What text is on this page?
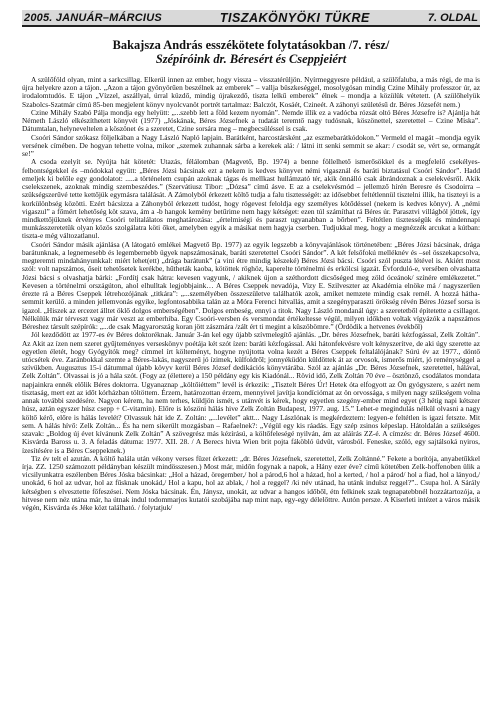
2005. JANUÁR–MÁRCIUS	TISZAKÖNYÖKI TÜKRE	7. OLDAL

Bakajsza András esszékötete folytatásokban /7. rész/

Szépíróink dr. Béresért és Cseppjeiért

A szülőföld olyan, mint a sarkcsillag. Elkerül innen az ember, hogy vissza – visszatérüljön. Nyírmeggyesre például, a szülőfaluba, a más régi, de ma is újra helyekre azon a tájon. „Azon a tájon gyönyörűen beszélnek az emberek” – vallja büszkeséggel, mosolygósan mindig Czine Mihály professzor úr, az irodalomtudós. E tájon „Vízzel, aszállyal, úrral küzdő, mindig újrakezdő, tiszta lelkű emberek” élnek – mondja a közülük vétetett. (A szülőhelyük Szabolcs-Szatmár címú 85-ben megjelent könyv nyolcvanöt portrét tartalmaz: Balczót, Kosáét, Czineét. A záhonyi születésű dr. Béres Józsefét nem.)

Czine Mihály Szabó Pálja mondja egy helyütt: „...szebb lett a föld kezem nyomán”. Nemde illik ez a vadócba rózsát oltó Béres Józsefre is? Ajánlja hát Németh László elkészíthetett könyvét (1977) „Jóskának, Béres Józsefnek a tudatát teremtő nagy tudósnak, köszönettel, szeretettel – Czine Miska”. Dátumtalan, helyneveltelen a köszönet és a szeretet, Czine sorsára meg – megbecsüléssel is csak.

Csoóri Sándor szókasz följelkában a Nagy László Napló lapjain. Barátként, harcostársként „az eszmebarátkódokon.” Vermeld el magát –mondja egyik versének címében. De hogyan tehette volna, mikor „szemek zuhannak sárba a kerekek alá: / látni itt senki semmit se akar: / csodát se, vért se, ormangát se!”

A csoda ezelyít se. Nyújta hát kötetét: Utazás, félálomban (Magvető, Bp. 1974) a benne föllelhető ismerősökkel és a megfelelő csekélyes-felbontségekkel és –módokkal együtt: „Béres Józsi bácsinak ezt a nekem is kedves könyvet némi vigasznál és baráti biztatásul Csoóri Sándor”. Hadd emeljek ki belőle egy gondolatot: .....a történelem csupán azoknak tágas és mellkast hullámzató tér, akik önnálló csak ábrándoznak a cselekvésről. Akik cselekszenek, azoknak mindig szembeszédes.” (Szervátiusz Tibor: „Dózsa” című ásve. E az a cselekvésmód – jellemző hírén Beresre és Csodoirra – szükségszerűvé tette kettőjük egymásra találását. A Zámolyból érkezett költő tudja a falu tisztességét: az idősebbet feltétlennül tisztelni illik, ha tiszteyi is a korkülönbség közötti. Ezért bácsizza a Záhonyból érkezett tudóst, hogy rögevest feloldja egy személyes kötődéssel (nekem is kedves könyv). A „némi vigaszul” a főmért lehetőség köt szava, ám a -b hangok kemény betűrime nem hagy kétséget: ezen túl számíthat rá Béres úr. Parasztvi villágból jöttek, így mindkettőjüknek érvényes Csoóri telitalálatos meghatározása: „értelmiségi és paraszt ugyanabban a bőrben”. Feltétlen tisztességük és mindennapi munkásszeretetük olyan közös szolgálatra köti őket, amelyben egyik a másikat nem hagyja cserben. Tudjukkal meg, hogy a megnézzék arcukat a kútban: tiszta-e még változatlanul.

Csoóri Sándor másik ajánlása (A látogató emlékei Magvető Bp. 1977) az egyik legszebb a könyvajánlások történetében: „Béres Józsi bácsinak, drága barátunknak, a legnemesebb és legembernebb ügyek napszámosának, baráti szeretettel Csoóri Sándor”. A két felsőfokú melléknév és –sel összekapcsolva, megteremti mindahányunkkal: miért lehet(ett) „drága barátunk” (a vini étre mindig készeké) Béres Józsi bácsi. Csoóri szól puszta létével is. Akiért most szól: volt napszámos, őseit tehetősetek kerékbe, hűtheták kaoba, kötöttek röghöz, kaperelte történelmi és erkölcsi igazát. Évforduló-e, versében olvashatta Józsi bácsi s olvashatja bárki: „Fordítj csak hátra: kevesen vagyunk, / akiknek újon a széthordott dicsőséged meg zöld óceánok/ színére emlékezetet.” Kevesen a történelmi országúton, ahol elhulltak legjobbjaink… A Béres Cseppek nevadója, Vizy E. Szilveszter az Akadémia elnöke má / nagyszerűen érezte rá a Béres Cseppek létrehozójának „titkára”: „...személyében összeszületve találhatók azok, amiket nemzete mindig csak remél. A hozzá hátha- semmit kerülő. a minden jellemvonás egyike, legfontosabbika talán az a Móra Ferenci hitvallás, amit a szegényparaszti örökség révén Béres József sorsa is igazol. „Hiszek az ercezet álltet öklő dolgos emberségében”. Dolgos embeség, ennyi a titok. Nagy László mondanál úgy: a szeretetből építetette a csillagot. Nélkülük már térveszt vagy már veszt az emberhiba. Egy Csoóri-versben és versmondat értékeltesse végül, milyen időkben voltak vígyázók a napszámos Béreshez társult szépírók: „...de csak Magyarország koran jött zászmára /zált ért ti megint a küszöbömre.” (Ördödik a hetvenes évekből)

Jól kezdődött az 1977-es év Béres doktoréknak. Január 3-án kel egy újabb szívmelegítő ajánlás. „Dr. béres Józsefnek, baráti kézfogással, Zelk Zoltán”. Az Akit az ízen nem szeret gyűjteményes verseskönyv poétája két szót ízen: baráti kézfogással. Aki hátonfekvésre volt kényszerítve, de aki úgy szerette az egyetlen életét, hogy Gyógyítók meg? címmel írt költeményt, hogyne nyújtotta volna kezét a Béres Cseppek feltalálójának? Súrú év az 1977., döntő utócsétek éve. Zaránbokkal szemte a Béres-lakás, nagyszerű jó ízimek, külfoldről; jonnyéküdön küldöttek át az orvosok, ismerős miért, jó reménységgel a szívükben. Augusztus 15-i dátummal újabb kövyv kerül Béres József dedikációs könyvtárába. Szól az ajánlás „Dr. Béres Józsefnek, szeretettel, hálával, Zelk Zoltán”. Olvassai is jó a hála szót. (Fogy az (élettere) a 150 példány egy kis Kiadónál... Rövid idő, Zelk Zoltán 70 éve – ösztönző, csodálatos mondata napjainkra ennék előlik Béres doktorra. Ugyanaznap „költőiéttem” levél is érkezik: „Tisztelt Béres Úr! Hetek óta elfogyott az Ön gyógyszere, s azért nem tisztaság, mert ezt az időt kórházban töltöttem. Érzem, határozottan érzem, mennyivel javítja kondíciómat az ön orvossága, s milyen nagy szükségem volna annak további szedésére. Nagyon kérem, ha nem terhes, küldjön ismét, s utánvét is kérek, hogy egyetlen szegény-ember mind egyet (3 hétig napi kétszer húsz, aztán egyszer húsz csepp + C-vitamin). Előre is köszöni hálás hive Zelk Zoltán Budapest, 1977. aug. 15.” Lehet-e megindulás nélkül olvasni a nagy költő kérő, előre is hálás levelét? Olvassuk hát ide Z. Zoltán: „...levélet” aktt... Nagy Lászlónak is megkérdeztem: legyen-e feltétlen is igazi fetszte. Mit sem. A hálás hívő: Zelk Zoltán... És ha nem sikerült mozgásban – Rafaelnek?: „Végül egy kis ráadás. Egy szép zsinos képeslap. Hátoldalán a szükséges szavak: „Boldog új évet kívánunk Zelk Zoltán” A szövegrész más kézírású, a költőfeleségé nyilván, ám az aláírás ZZ-é. A címzés: dr. Béres József 4600. Kisvárda Baross u. 3. A feladás dátuma: 1977. XII. 28. / A Berecs hivta Wien brit pojta fáköbló üdvüt, városból. Feneske, szóló, egy sajtálsoká nyiros, ízesítésére is a Béres Cseppeknek.)

Tiz év telt el azután. A költő halála után vékony verses füzet érkezett: „dr. Béres Józsefnek, szeretettel, Zelk Zoltánné.” Fekete a borítója, anyabetűkkel írja. ZZ. 1250 számozott példányban készült mindösszesen.) Most már, midőn fogynak a napok, a Hány ezer éve? című kötetében Zelk-hoffenoben ülik a vicsilyunkatra eszélenben Béres Jóska bácsinkat: „Hol a házad, öregember,/ hol a párod,6 hol a házad, hol a kerted, / hol a párod/ hol a fiad, hol a lányod,/ unokád, 6 hol az udvar, hol az fűsknak unokád,/ Hol a kapu, hol az ablak, / hol a reggel? /ki név utánad, ha utánk indulsz reggel?”.. Csupa hol. A Sárály kétségben s elvesztette főfeszései. Nem Jóska bácsinak. Én, Jánysz, unokát, az udvar a hangos időből, étn felkinek szak tegnapatebbnél hozzátartozója, a hitvese nem néz utána már, ha útnak indul todommarjos kutatói szobájába nap mint nap, egy-egy délelőttre. Autón persze. A Kiserleti intézet a város másik végén, Kisvárda és Jéke közt található. / folytatjuk/
